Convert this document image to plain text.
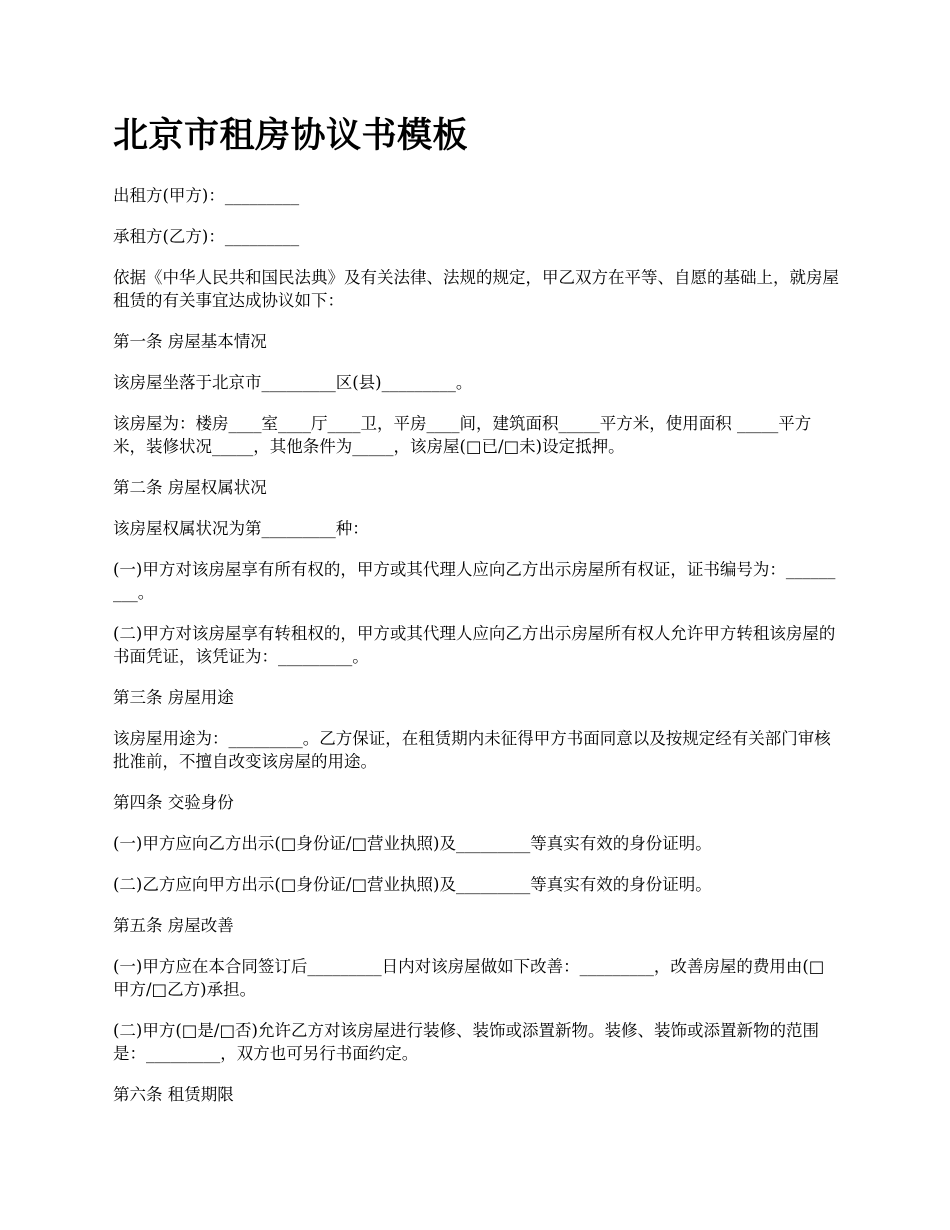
北京市租房协议书模板

出租方(甲方)：_________

承租方(乙方)：_________

依据《中华人民共和国民法典》及有关法律、法规的规定，甲乙双方在平等、自愿的基础上，就房屋租赁的有关事宜达成协议如下：

第一条 房屋基本情况

该房屋坐落于北京市_________区(县)_________。

该房屋为：楼房____室____厅____卫，平房____间，建筑面积_____平方米，使用面积 _____平方米，装修状况_____，其他条件为_____，该房屋(□已/□未)设定抵押。

第二条 房屋权属状况

该房屋权属状况为第_________种：

(一)甲方对该房屋享有所有权的，甲方或其代理人应向乙方出示房屋所有权证，证书编号为：_________。

(二)甲方对该房屋享有转租权的，甲方或其代理人应向乙方出示房屋所有权人允许甲方转租该房屋的书面凭证，该凭证为：_________。

第三条 房屋用途

该房屋用途为：_________。乙方保证，在租赁期内未征得甲方书面同意以及按规定经有关部门审核批准前，不擅自改变该房屋的用途。

第四条 交验身份

(一)甲方应向乙方出示(□身份证/□营业执照)及_________等真实有效的身份证明。

(二)乙方应向甲方出示(□身份证/□营业执照)及_________等真实有效的身份证明。

第五条 房屋改善

(一)甲方应在本合同签订后_________日内对该房屋做如下改善：_________，改善房屋的费用由(□甲方/□乙方)承担。

(二)甲方(□是/□否)允许乙方对该房屋进行装修、装饰或添置新物。装修、装饰或添置新物的范围是：_________，双方也可另行书面约定。

第六条 租赁期限
